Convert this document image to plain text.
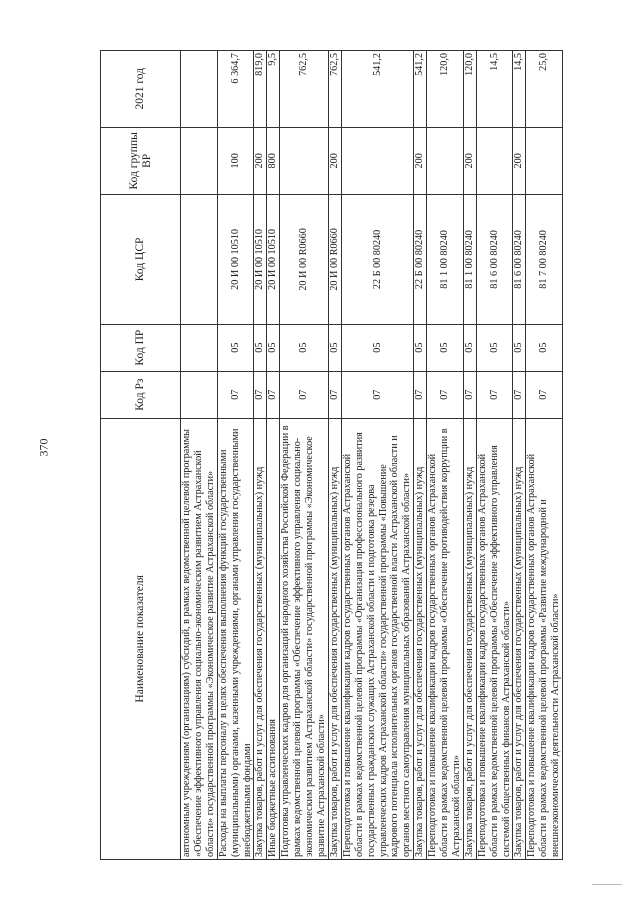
370
Наименование показателя	Код Рз	Код ПР	Код ЦСР	Код группы ВР	2021 год
автономным учреждениям (организациям) субсидий, в рамках ведомственной целевой программы «Обеспечение эффективного управления социально-экономическим развитием Астраханской области» государственной программы «Экономическое развитие Астраханской области»					
Расходы на выплаты персоналу в целях обеспечения выполнения функций государственными (муниципальными) органами, казенными учреждениями, органами управления государственными внебюджетными фондами	07	05	20 И 00 10510	100	6 364,7
Закупка товаров, работ и услуг для обеспечения государственных (муниципальных) нужд	07	05	20 И 00 10510	200	819,0
Иные бюджетные ассигнования	07	05	20 И 00 10510	800	9,5
Подготовка управленческих кадров для организаций народного хозяйства Российской Федерации в рамках ведомственной целевой программы «Обеспечение эффективного управления социально-экономическим развитием Астраханской области» государственной программы «Экономическое развитие Астраханской области»	07	05	20 И 00 R0660		762,5
Закупка товаров, работ и услуг для обеспечения государственных (муниципальных) нужд	07	05	20 И 00 R0660	200	762,5
Переподготовка и повышение квалификации кадров государственных органов Астраханской области в рамках ведомственной целевой программы «Организация профессионального развития государственных гражданских служащих Астраханской области и подготовка резерва управленческих кадров Астраханской области» государственной программы «Повышение кадрового потенциала исполнительных органов государственной власти Астраханской области и органов местного самоуправления муниципальных образований Астраханской области»	07	05	22 Б 00 80240		541,2
Закупка товаров, работ и услуг для обеспечения государственных (муниципальных) нужд	07	05	22 Б 00 80240	200	541,2
Переподготовка и повышение квалификации кадров государственных органов Астраханской области в рамках ведомственной целевой программы «Обеспечение противодействия коррупции в Астраханской области»	07	05	81 1 00 80240		120,0
Закупка товаров, работ и услуг для обеспечения государственных (муниципальных) нужд	07	05	81 1 00 80240	200	120,0
Переподготовка и повышение квалификации кадров государственных органов Астраханской области в рамках ведомственной целевой программы «Обеспечение эффективного управления системой общественных финансов Астраханской области»	07	05	81 6 00 80240		14,5
Закупка товаров, работ и услуг для обеспечения государственных (муниципальных) нужд	07	05	81 6 00 80240	200	14,5
Переподготовка и повышение квалификации кадров государственных органов Астраханской области в рамках ведомственной целевой программы «Развитие международной и внешнеэкономической деятельности Астраханской области»	07	05	81 7 00 80240		25,0
